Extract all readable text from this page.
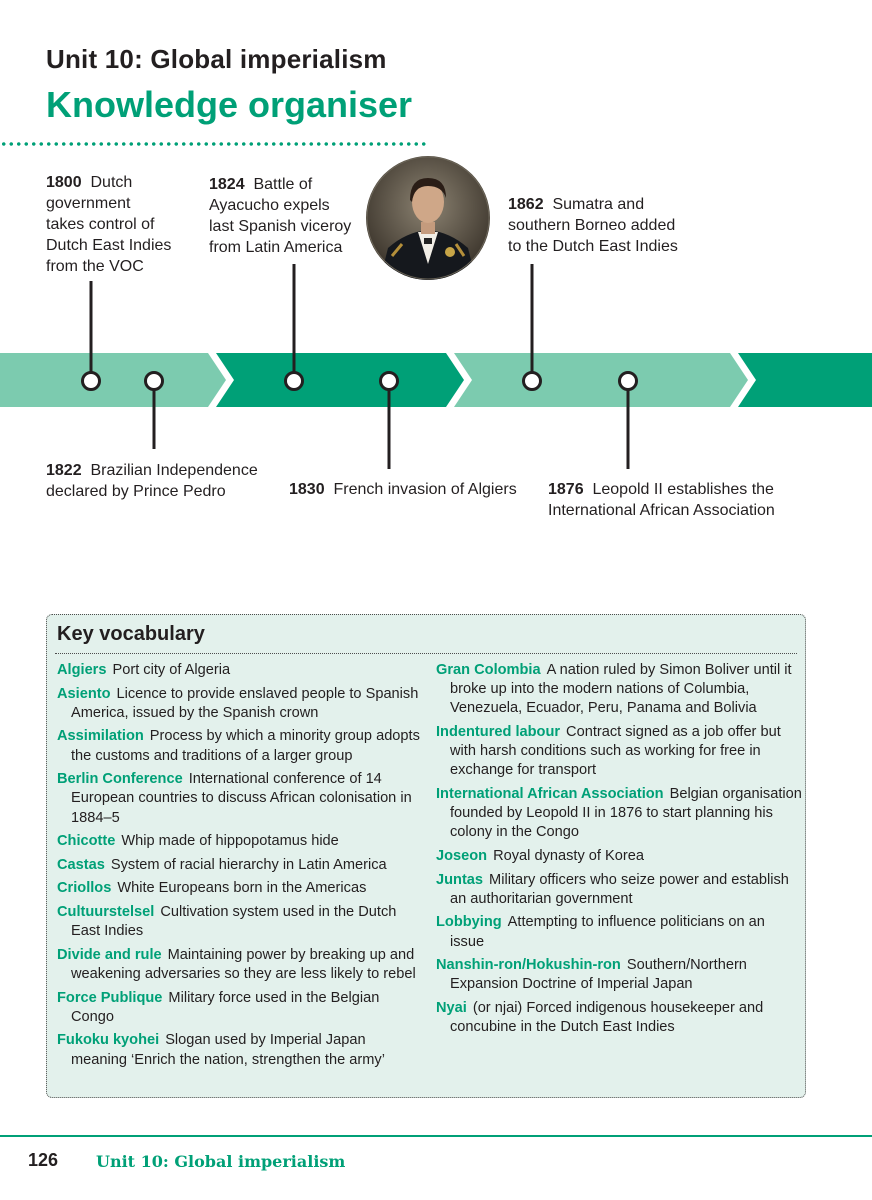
Unit 10: Global imperialism
Knowledge organiser
1800 Dutch
government
takes control of
Dutch East Indies
from the VOC
1824 Battle of
Ayacucho expels
last Spanish viceroy
from Latin America
1862 Sumatra and
southern Borneo added
to the Dutch East Indies
1822 Brazilian Independence
declared by Prince Pedro	1830 French invasion of Algiers 1876 Leopold II establishes the
International African Association
Key vocabulary
Algiers Port city of Algeria
Asiento Licence to provide enslaved people to Spanish America, issued by the Spanish crown
Assimilation Process by which a minority group adopts the customs and traditions of a larger group
Berlin Conference International conference of 14 European countries to discuss African colonisation in 1884–5
Chicotte Whip made of hippopotamus hide
Castas System of racial hierarchy in Latin America
Criollos White Europeans born in the Americas
Cultuurstelsel Cultivation system used in the Dutch East Indies
Divide and rule Maintaining power by breaking up and weakening adversaries so they are less likely to rebel
Force Publique Military force used in the Belgian Congo
Fukoku kyohei Slogan used by Imperial Japan meaning ‘Enrich the nation, strengthen the army’
Gran Colombia A nation ruled by Simon Boliver until it broke up into the modern nations of Columbia, Venezuela, Ecuador, Peru, Panama and Bolivia
Indentured labour Contract signed as a job offer but with harsh conditions such as working for free in exchange for transport
International African Association Belgian organisation founded by Leopold II in 1876 to start planning his colony in the Congo
Joseon Royal dynasty of Korea
Juntas Military officers who seize power and establish an authoritarian government
Lobbying Attempting to influence politicians on an issue
Nanshin-ron/Hokushin-ron Southern/Northern Expansion Doctrine of Imperial Japan
Nyai (or njai) Forced indigenous housekeeper and concubine in the Dutch East Indies
126 Unit 10: Global imperialism
